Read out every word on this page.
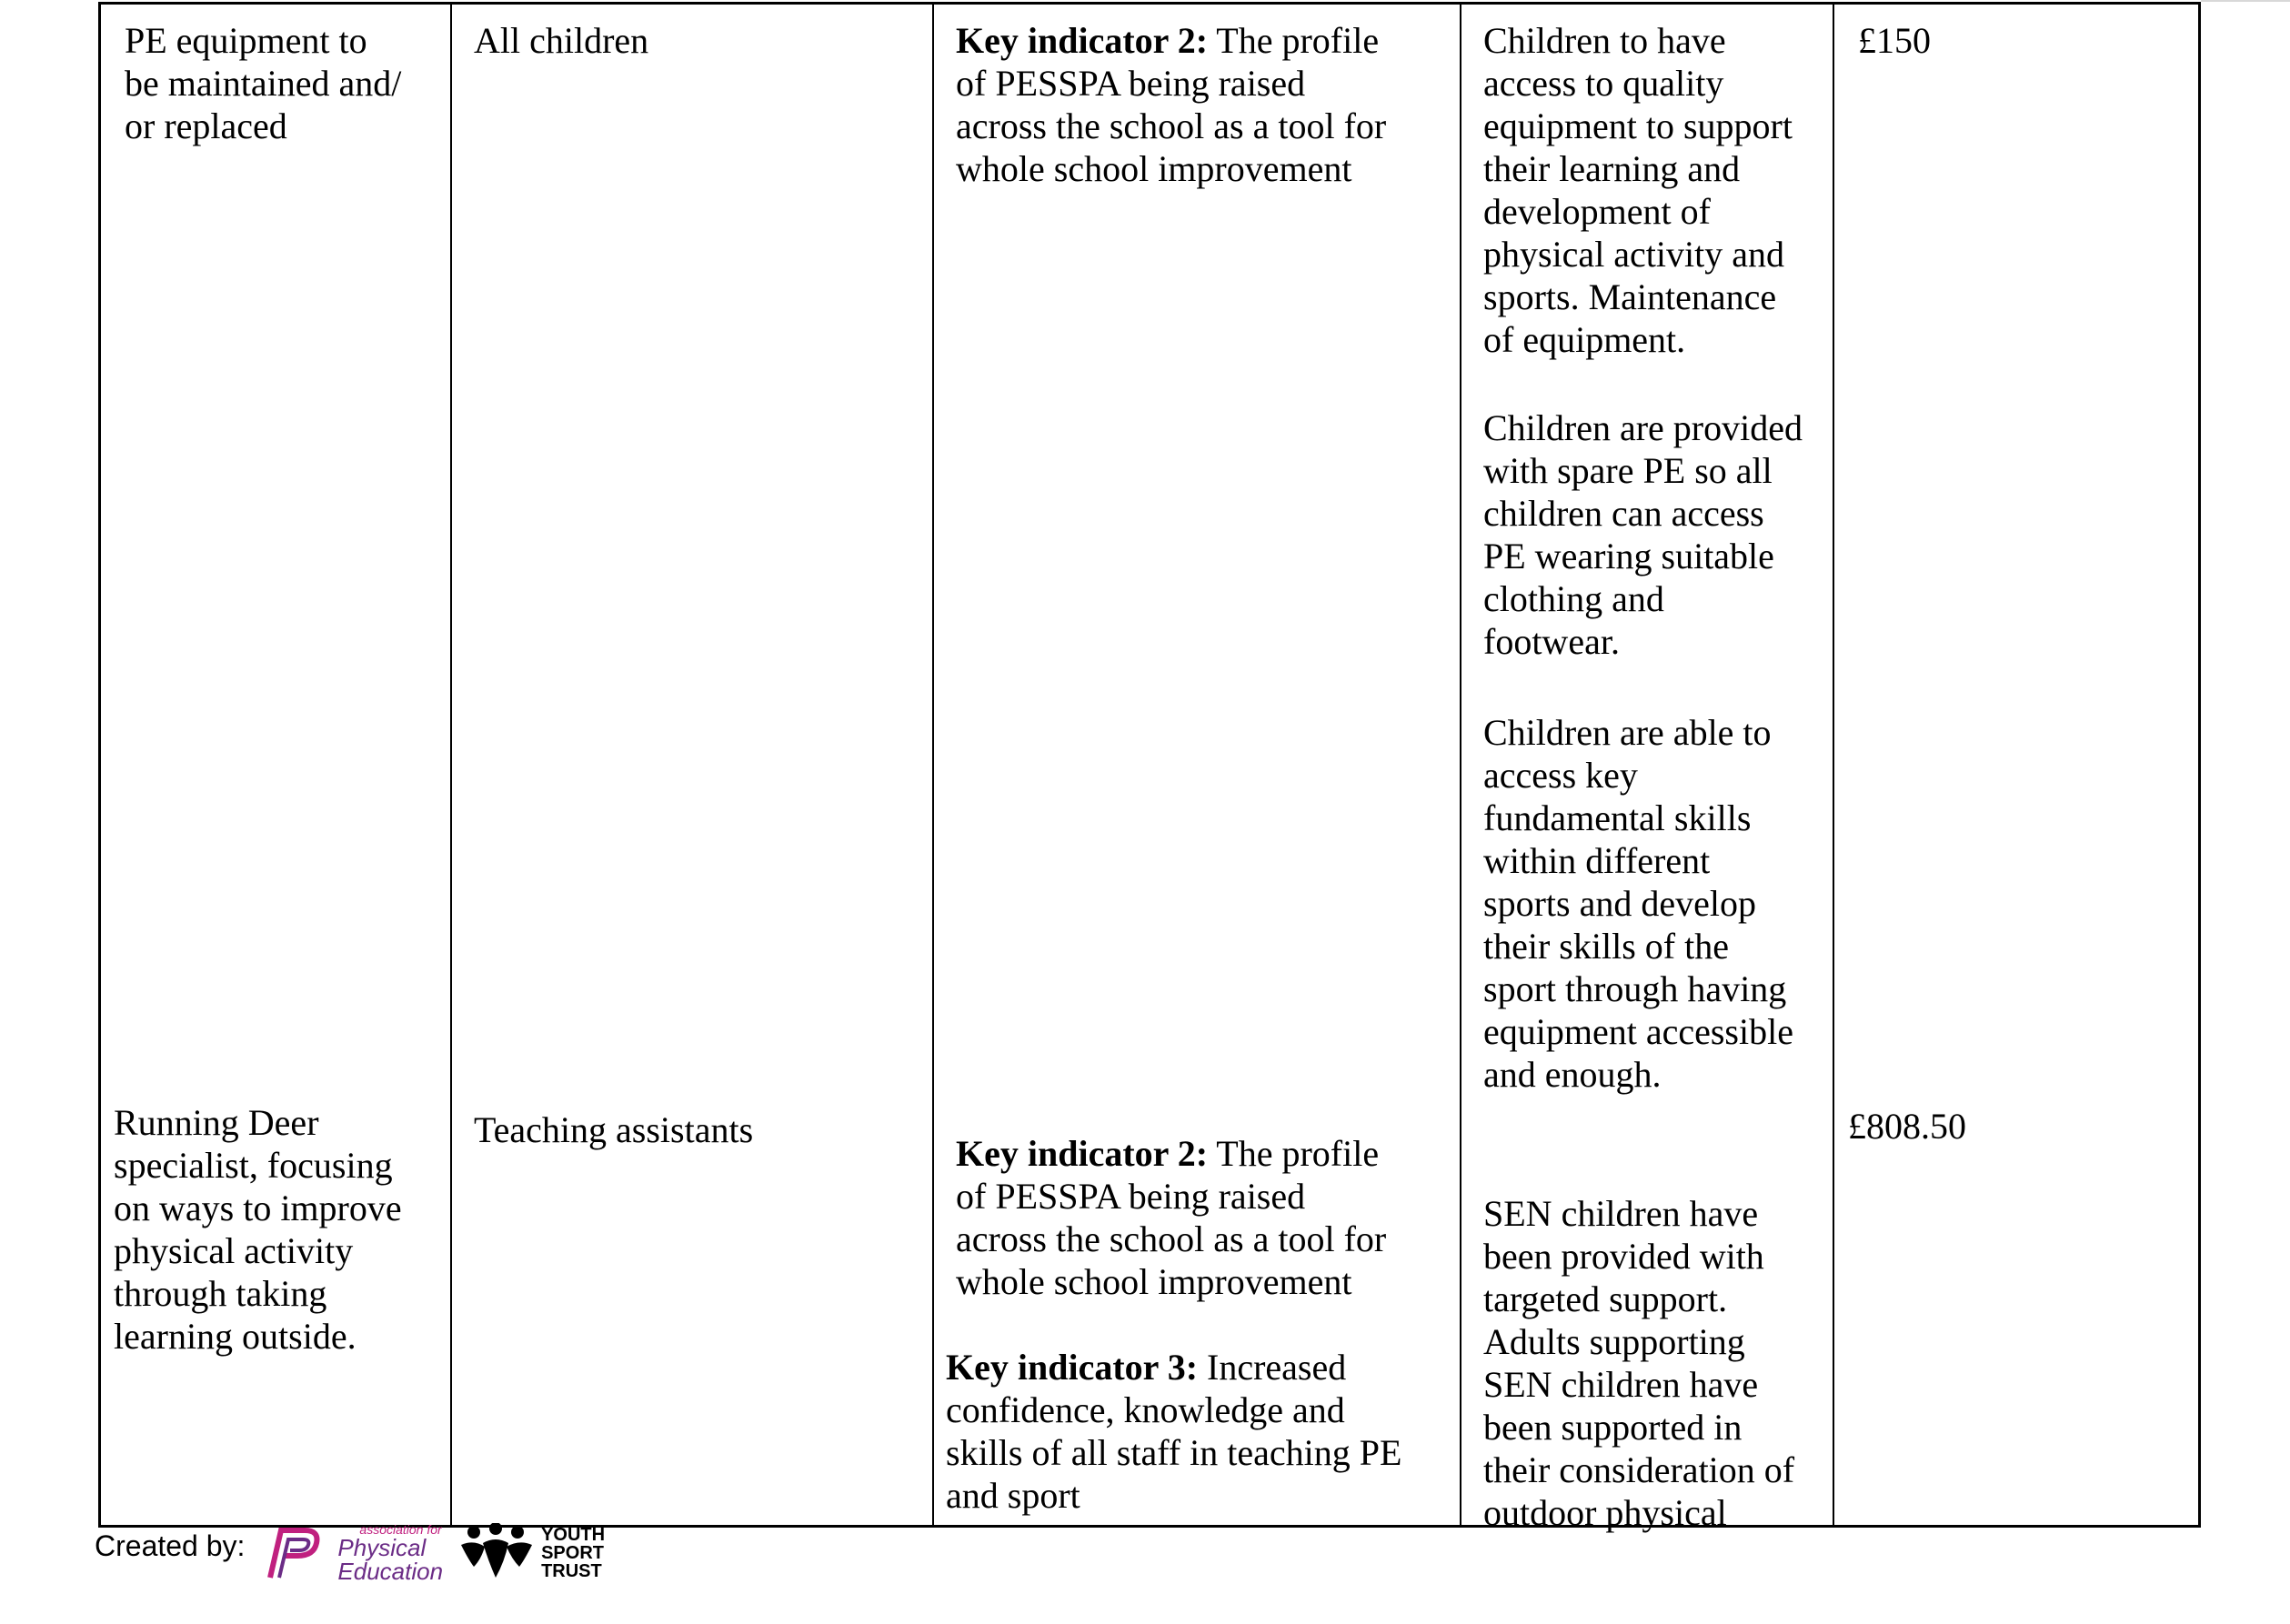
PE equipment to
be maintained and/
or replaced

All children	Key indicator 2: The profile
of PESSPA being raised
across the school as a tool for
whole school improvement

Children to have
access to quality
equipment to support
their learning and
development of
physical activity and
sports. Maintenance
of equipment.

Children are provided
with spare PE so all
children can access
PE wearing suitable
clothing and
footwear.

Children are able to
access key
fundamental skills
within different
sports and develop
their skills of the
sport through having
equipment accessible
and enough.

£150

Running Deer
specialist, focusing
on ways to improve
physical activity
through taking
learning outside.

Teaching assistants

Key indicator 2: The profile
of PESSPA being raised
across the school as a tool for
whole school improvement

Key indicator 3: Increased
confidence, knowledge and
skills of all staff in teaching PE
and sport

SEN children have
been provided with
targeted support.
Adults supporting
SEN children have
been supported in
their consideration of
outdoor physical

£808.50

Created by:	association for
Physical
Education
YOUTH
SPORT
TRUST
